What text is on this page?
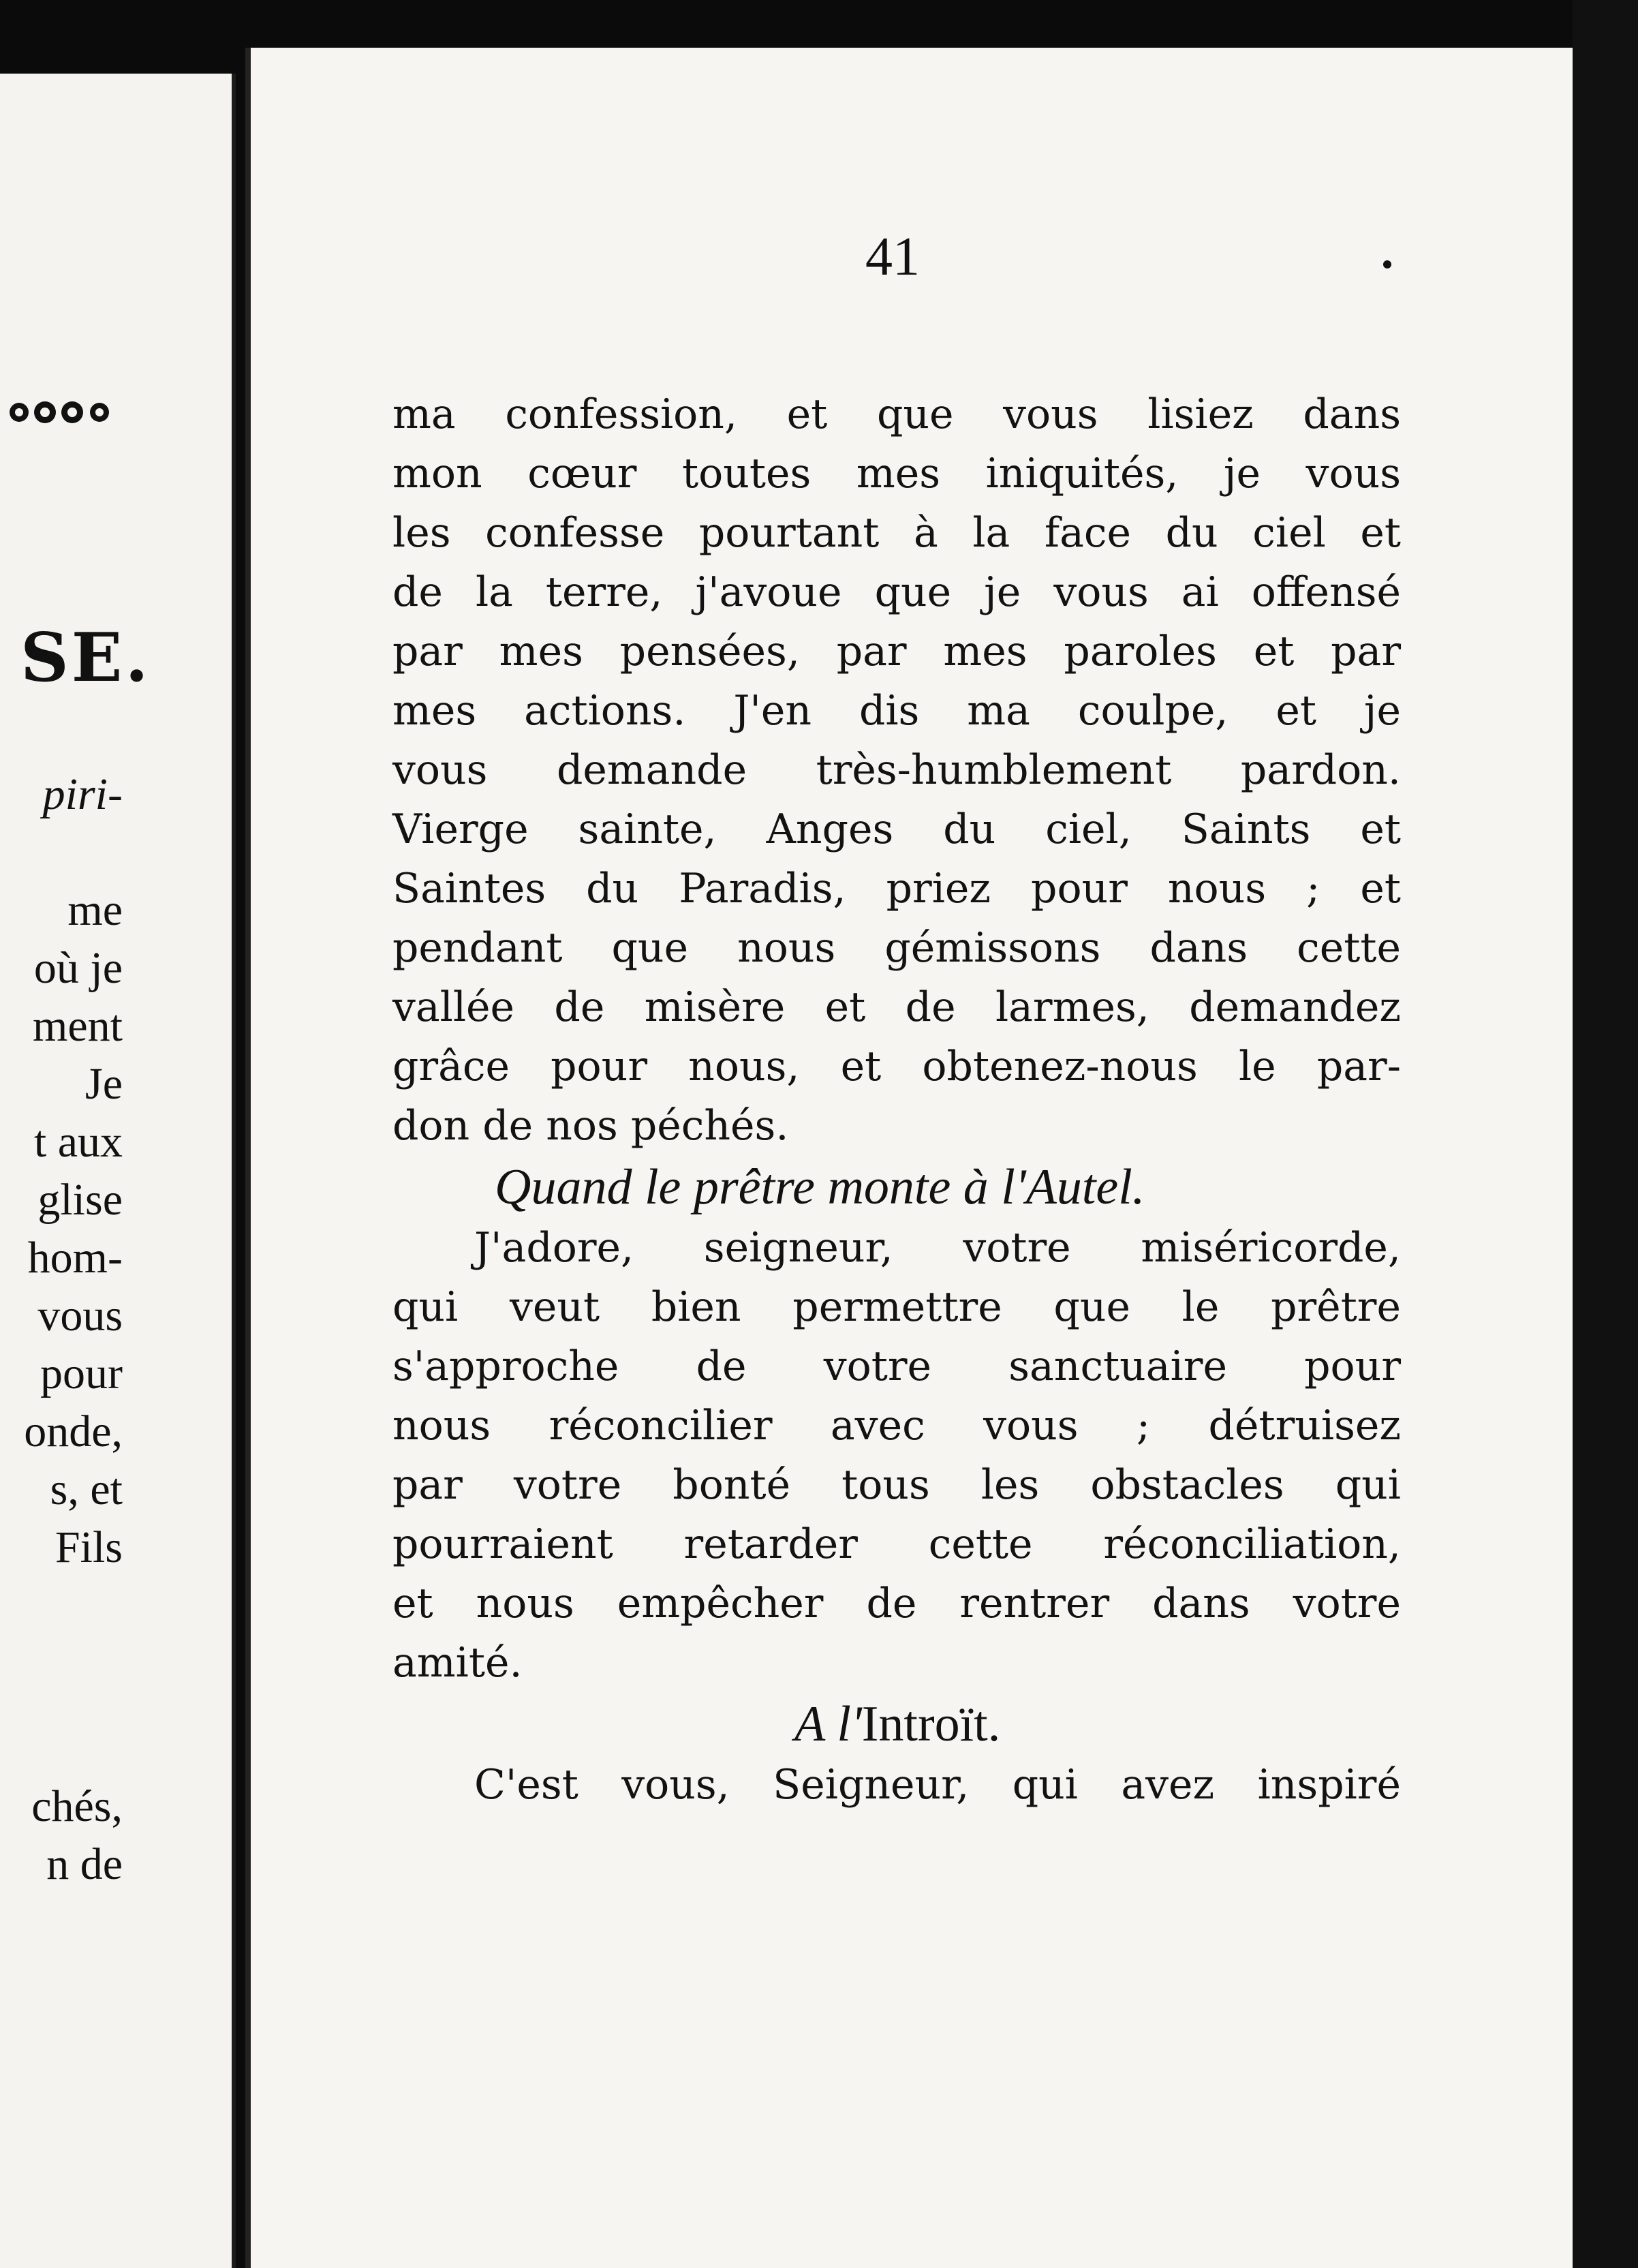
SE.
piri-
me
où je
ment
Je
t aux
glise
hom-
vous
pour
onde,
s, et
Fils
chés,
n de
41
ma confession, et que vous lisiez dans
mon cœur toutes mes iniquités, je vous
les confesse pourtant à la face du ciel et
de la terre, j'avoue que je vous ai offensé
par mes pensées, par mes paroles et par
mes actions. J'en dis ma coulpe, et je
vous demande très-humblement pardon.
Vierge sainte, Anges du ciel, Saints et
Saintes du Paradis, priez pour nous ; et
pendant que nous gémissons dans cette
vallée de misère et de larmes, demandez
grâce pour nous, et obtenez-nous le par-
don de nos péchés.
Quand le prêtre monte à l'Autel.
J'adore, seigneur, votre miséricorde,
qui veut bien permettre que le prêtre
s'approche de votre sanctuaire pour
nous réconcilier avec vous ; détruisez
par votre bonté tous les obstacles qui
pourraient retarder cette réconciliation,
et nous empêcher de rentrer dans votre
amité.
A l'Introït.
C'est vous, Seigneur, qui avez inspiré
